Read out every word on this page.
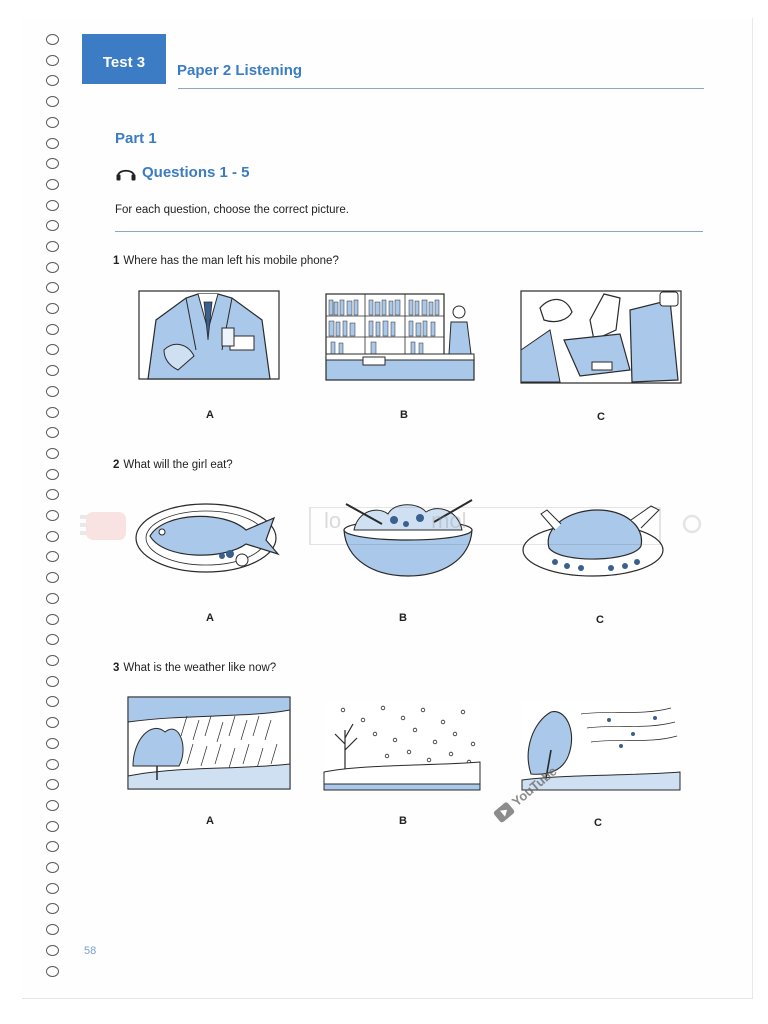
Test 3 Paper 2 Listening
Part 1
Questions 1 - 5
For each question, choose the correct picture.
1 Where has the man left his mobile phone?
A	B	C
2 What will the girl eat?
A	B	C
3 What is the weather like now?
A	B	C
58
lo	mol
YouTube
